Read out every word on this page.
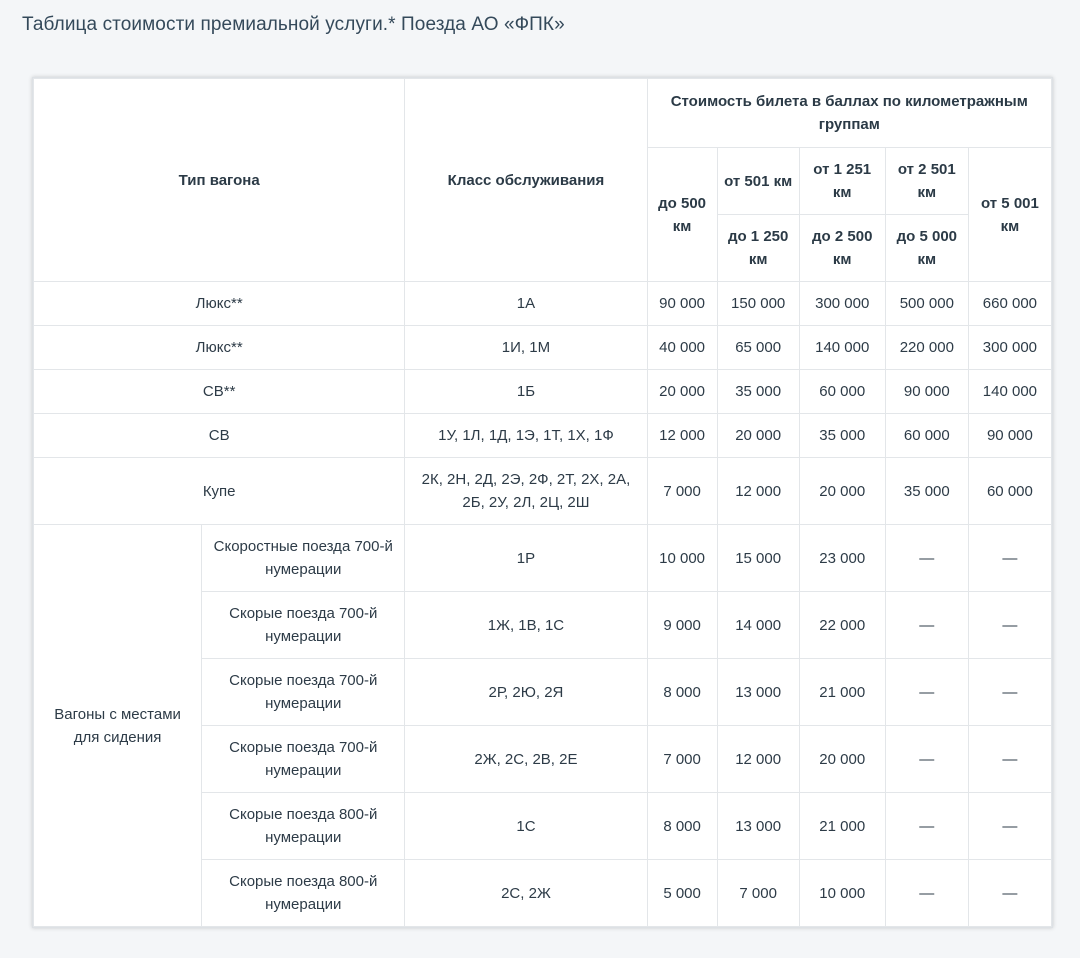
Таблица стоимости премиальной услуги.* Поезда АО «ФПК»
Тип вагона		Класс обслуживания	Стоимость билета в баллах по километражным группам				
			до 500 км	от 501 км	от 1 251 км	от 2 501 км	от 5 001 км
				до 1 250 км	до 2 500 км	до 5 000 км	
Люкс**		1А	90 000	150 000	300 000	500 000	660 000
Люкс**		1И, 1М	40 000	65 000	140 000	220 000	300 000
СВ**		1Б	20 000	35 000	60 000	90 000	140 000
СВ		1У, 1Л, 1Д, 1Э, 1Т, 1Х, 1Ф	12 000	20 000	35 000	60 000	90 000
Купе		2К, 2Н, 2Д, 2Э, 2Ф, 2Т, 2Х, 2А, 2Б, 2У, 2Л, 2Ц, 2Ш	7 000	12 000	20 000	35 000	60 000
Вагоны с местами для сидения	Скоростные поезда 700-й нумерации	1Р	10 000	15 000	23 000	—	—
	Скорые поезда 700-й нумерации	1Ж, 1В, 1С	9 000	14 000	22 000	—	—
	Скорые поезда 700-й нумерации	2Р, 2Ю, 2Я	8 000	13 000	21 000	—	—
	Скорые поезда 700-й нумерации	2Ж, 2С, 2В, 2Е	7 000	12 000	20 000	—	—
	Скорые поезда 800-й нумерации	1С	8 000	13 000	21 000	—	—
	Скорые поезда 800-й нумерации	2С, 2Ж	5 000	7 000	10 000	—	—
